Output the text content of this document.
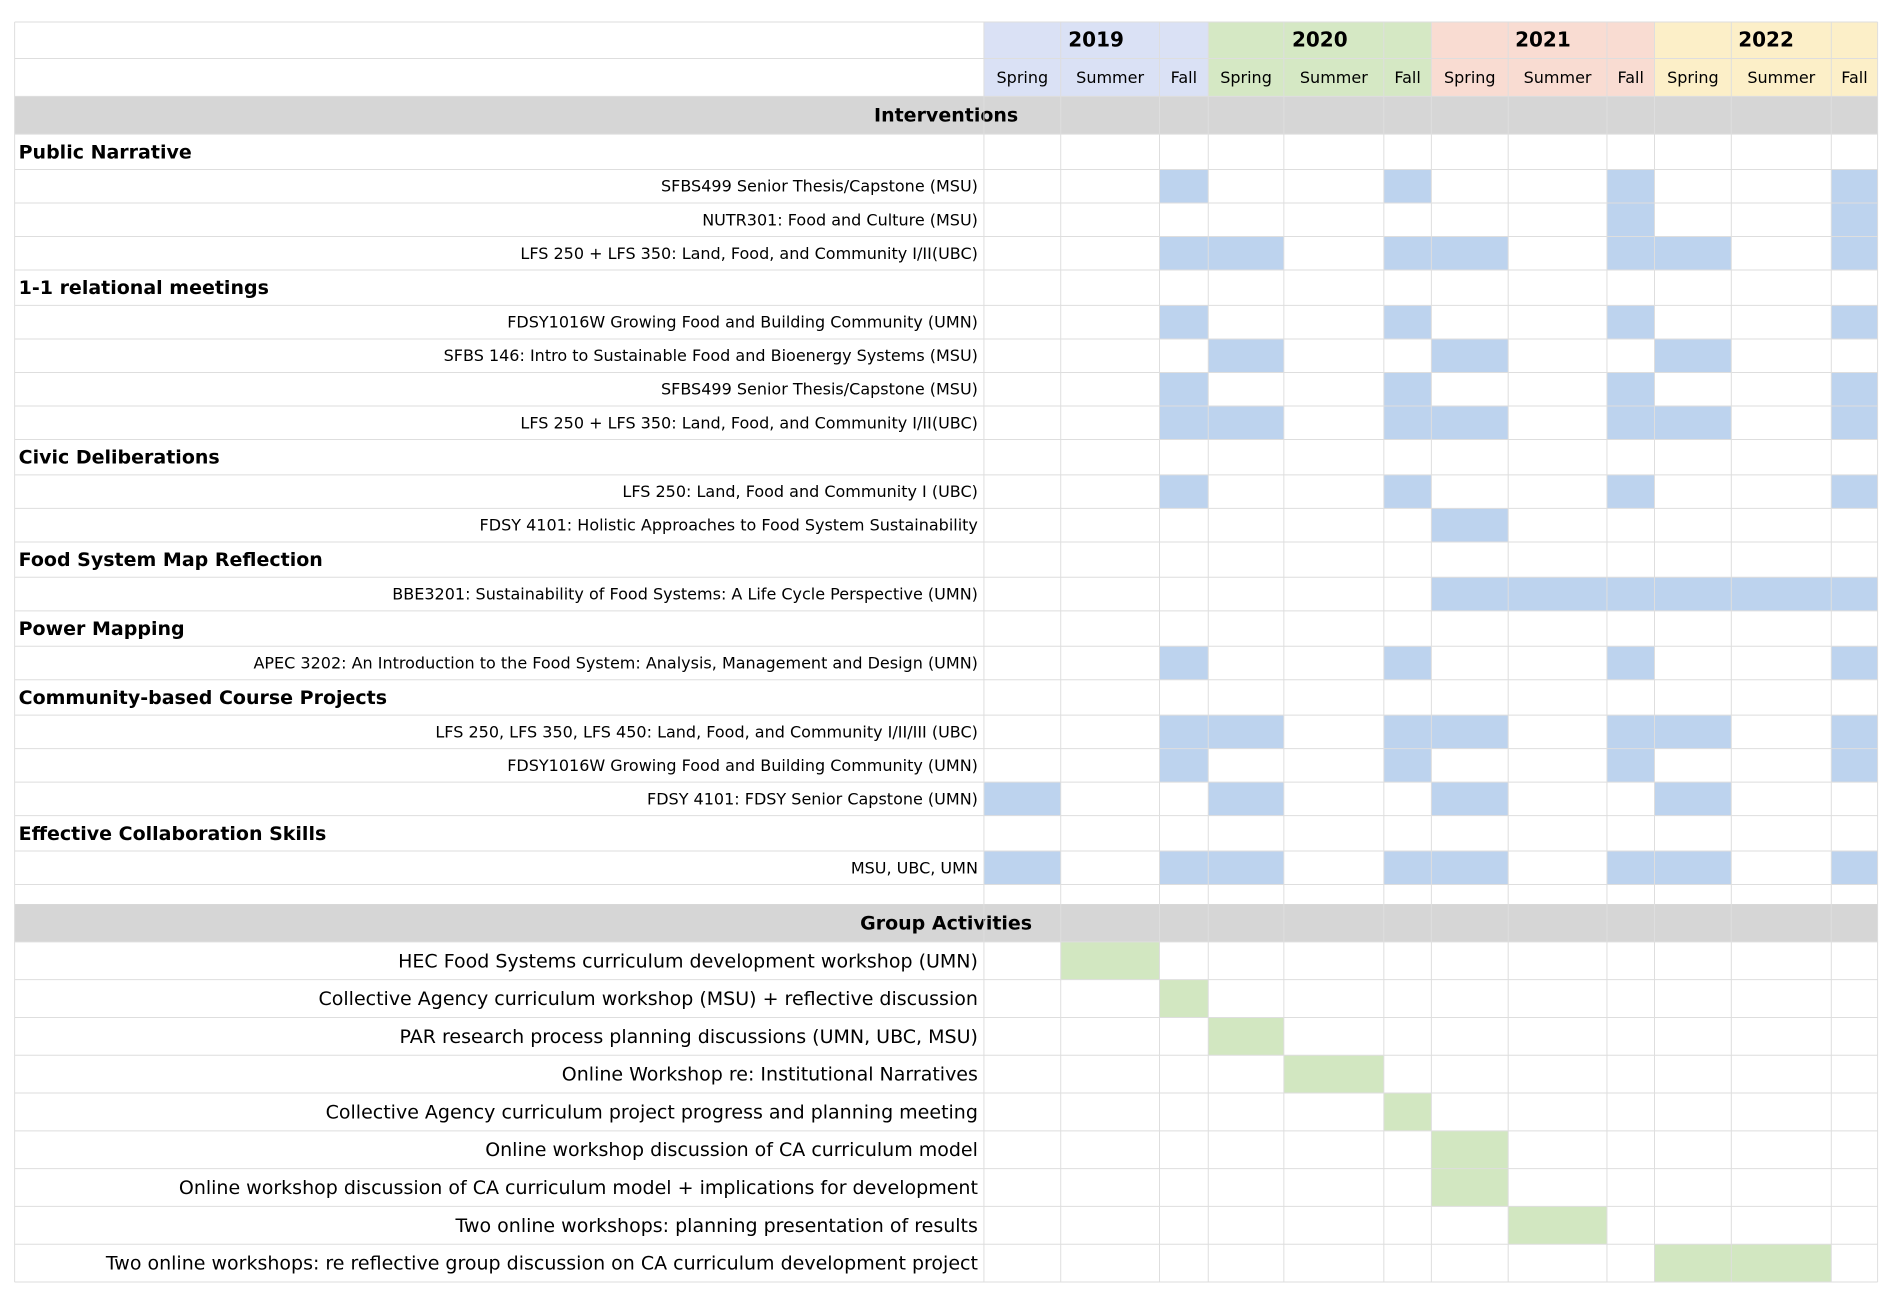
2019
Spring Summer Fall
2020
Spring Summer Fall
2021
Spring Summer Fall
2022
Spring Summer Fall
Interventions
Public Narrative
SFBS499 Senior Thesis/Capstone (MSU)
NUTR301: Food and Culture (MSU)
LFS 250 + LFS 350: Land, Food, and Community I/II(UBC)
1-1 relational meetings
FDSY1016W Growing Food and Building Community (UMN)
SFBS 146: Intro to Sustainable Food and Bioenergy Systems (MSU)
SFBS499 Senior Thesis/Capstone (MSU)
LFS 250 + LFS 350: Land, Food, and Community I/II(UBC)
Civic Deliberations
LFS 250: Land, Food and Community I (UBC)
FDSY 4101: Holistic Approaches to Food System Sustainability
Food System Map Reflection
BBE3201: Sustainability of Food Systems: A Life Cycle Perspective (UMN)
Power Mapping
APEC 3202: An Introduction to the Food System: Analysis, Management and Design (UMN)
Community-based Course Projects
LFS 250, LFS 350, LFS 450: Land, Food, and Community I/II/III (UBC)
FDSY1016W Growing Food and Building Community (UMN)
FDSY 4101: FDSY Senior Capstone (UMN)
Effective Collaboration Skills
MSU, UBC, UMN
Group Activities
HEC Food Systems curriculum development workshop (UMN)
Collective Agency curriculum workshop (MSU) + reflective discussion
PAR research process planning discussions (UMN, UBC, MSU)
Online Workshop re: Institutional Narratives
Collective Agency curriculum project progress and planning meeting
Online workshop discussion of CA curriculum model
Online workshop discussion of CA curriculum model + implications for development
Two online workshops: planning presentation of results
Two online workshops: re reflective group discussion on CA curriculum development project
